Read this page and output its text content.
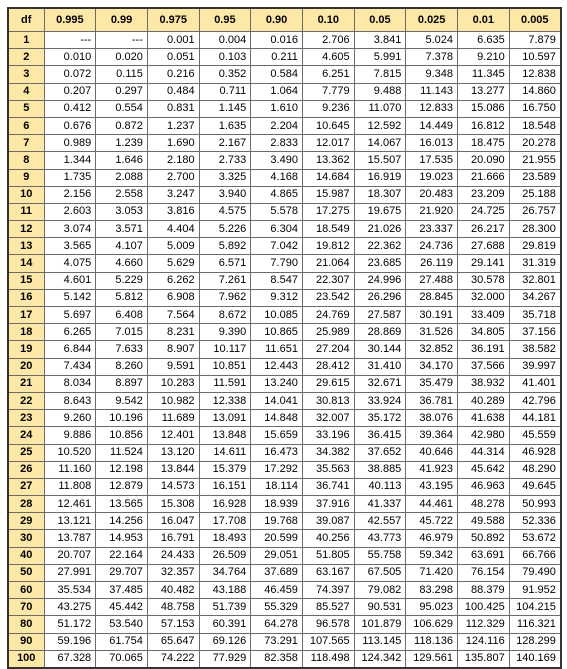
df	0.995	0.99	0.975	0.95	0.90	0.10	0.05	0.025	0.01	0.005
1	---	---	0.001	0.004	0.016	2.706	3.841	5.024	6.635	7.879
2	0.010	0.020	0.051	0.103	0.211	4.605	5.991	7.378	9.210	10.597
3	0.072	0.115	0.216	0.352	0.584	6.251	7.815	9.348	11.345	12.838
4	0.207	0.297	0.484	0.711	1.064	7.779	9.488	11.143	13.277	14.860
5	0.412	0.554	0.831	1.145	1.610	9.236	11.070	12.833	15.086	16.750
6	0.676	0.872	1.237	1.635	2.204	10.645	12.592	14.449	16.812	18.548
7	0.989	1.239	1.690	2.167	2.833	12.017	14.067	16.013	18.475	20.278
8	1.344	1.646	2.180	2.733	3.490	13.362	15.507	17.535	20.090	21.955
9	1.735	2.088	2.700	3.325	4.168	14.684	16.919	19.023	21.666	23.589
10	2.156	2.558	3.247	3.940	4.865	15.987	18.307	20.483	23.209	25.188
11	2.603	3.053	3.816	4.575	5.578	17.275	19.675	21.920	24.725	26.757
12	3.074	3.571	4.404	5.226	6.304	18.549	21.026	23.337	26.217	28.300
13	3.565	4.107	5.009	5.892	7.042	19.812	22.362	24.736	27.688	29.819
14	4.075	4.660	5.629	6.571	7.790	21.064	23.685	26.119	29.141	31.319
15	4.601	5.229	6.262	7.261	8.547	22.307	24.996	27.488	30.578	32.801
16	5.142	5.812	6.908	7.962	9.312	23.542	26.296	28.845	32.000	34.267
17	5.697	6.408	7.564	8.672	10.085	24.769	27.587	30.191	33.409	35.718
18	6.265	7.015	8.231	9.390	10.865	25.989	28.869	31.526	34.805	37.156
19	6.844	7.633	8.907	10.117	11.651	27.204	30.144	32.852	36.191	38.582
20	7.434	8.260	9.591	10.851	12.443	28.412	31.410	34.170	37.566	39.997
21	8.034	8.897	10.283	11.591	13.240	29.615	32.671	35.479	38.932	41.401
22	8.643	9.542	10.982	12.338	14.041	30.813	33.924	36.781	40.289	42.796
23	9.260	10.196	11.689	13.091	14.848	32.007	35.172	38.076	41.638	44.181
24	9.886	10.856	12.401	13.848	15.659	33.196	36.415	39.364	42.980	45.559
25	10.520	11.524	13.120	14.611	16.473	34.382	37.652	40.646	44.314	46.928
26	11.160	12.198	13.844	15.379	17.292	35.563	38.885	41.923	45.642	48.290
27	11.808	12.879	14.573	16.151	18.114	36.741	40.113	43.195	46.963	49.645
28	12.461	13.565	15.308	16.928	18.939	37.916	41.337	44.461	48.278	50.993
29	13.121	14.256	16.047	17.708	19.768	39.087	42.557	45.722	49.588	52.336
30	13.787	14.953	16.791	18.493	20.599	40.256	43.773	46.979	50.892	53.672
40	20.707	22.164	24.433	26.509	29.051	51.805	55.758	59.342	63.691	66.766
50	27.991	29.707	32.357	34.764	37.689	63.167	67.505	71.420	76.154	79.490
60	35.534	37.485	40.482	43.188	46.459	74.397	79.082	83.298	88.379	91.952
70	43.275	45.442	48.758	51.739	55.329	85.527	90.531	95.023	100.425	104.215
80	51.172	53.540	57.153	60.391	64.278	96.578	101.879	106.629	112.329	116.321
90	59.196	61.754	65.647	69.126	73.291	107.565	113.145	118.136	124.116	128.299
100	67.328	70.065	74.222	77.929	82.358	118.498	124.342	129.561	135.807	140.169
